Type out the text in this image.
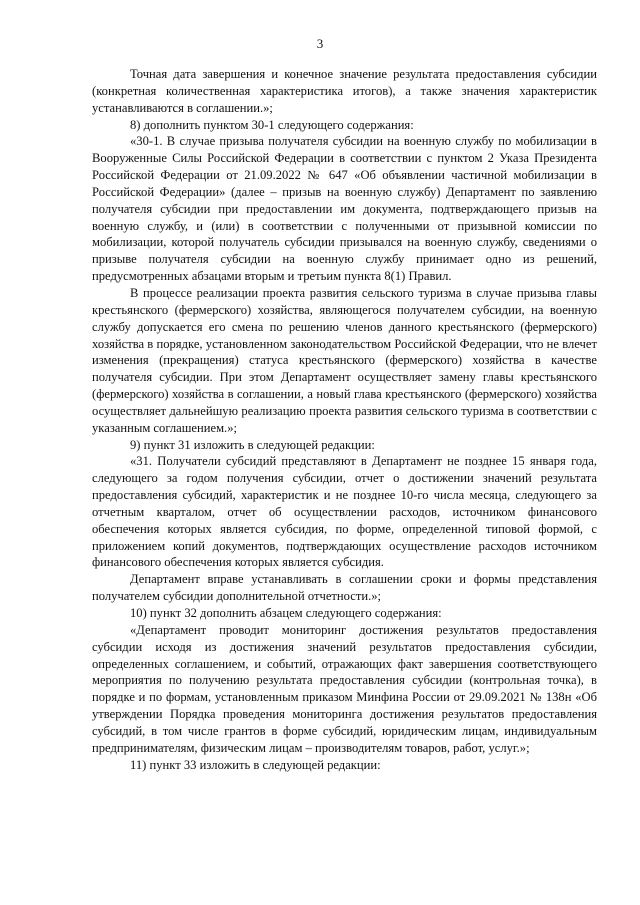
3

Точная дата завершения и конечное значение результата предоставления субсидии (конкретная количественная характеристика итогов), а также значения характеристик устанавливаются в соглашении.»;

8) дополнить пунктом 30-1 следующего содержания:

«30-1. В случае призыва получателя субсидии на военную службу по мобилизации в Вооруженные Силы Российской Федерации в соответствии с пунктом 2 Указа Президента Российской Федерации от 21.09.2022 № 647 «Об объявлении частичной мобилизации в Российской Федерации» (далее – призыв на военную службу) Департамент по заявлению получателя субсидии при предоставлении им документа, подтверждающего призыв на военную службу, и (или) в соответствии с полученными от призывной комиссии по мобилизации, которой получатель субсидии призывался на военную службу, сведениями о призыве получателя субсидии на военную службу принимает одно из решений, предусмотренных абзацами вторым и третьим пункта 8(1) Правил.

В процессе реализации проекта развития сельского туризма в случае призыва главы крестьянского (фермерского) хозяйства, являющегося получателем субсидии, на военную службу допускается его смена по решению членов данного крестьянского (фермерского) хозяйства в порядке, установленном законодательством Российской Федерации, что не влечет изменения (прекращения) статуса крестьянского (фермерского) хозяйства в качестве получателя субсидии. При этом Департамент осуществляет замену главы крестьянского (фермерского) хозяйства в соглашении, а новый глава крестьянского (фермерского) хозяйства осуществляет дальнейшую реализацию проекта развития сельского туризма в соответствии с указанным соглашением.»;

9) пункт 31 изложить в следующей редакции:

«31. Получатели субсидий представляют в Департамент не позднее 15 января года, следующего за годом получения субсидии, отчет о достижении значений результата предоставления субсидий, характеристик и не позднее 10-го числа месяца, следующего за отчетным кварталом, отчет об осуществлении расходов, источником финансового обеспечения которых является субсидия, по форме, определенной типовой формой, с приложением копий документов, подтверждающих осуществление расходов источником финансового обеспечения которых является субсидия.

Департамент вправе устанавливать в соглашении сроки и формы представления получателем субсидии дополнительной отчетности.»;

10) пункт 32 дополнить абзацем следующего содержания:

«Департамент проводит мониторинг достижения результатов предоставления субсидии исходя из достижения значений результатов предоставления субсидии, определенных соглашением, и событий, отражающих факт завершения соответствующего мероприятия по получению результата предоставления субсидии (контрольная точка), в порядке и по формам, установленным приказом Минфина России от 29.09.2021 № 138н «Об утверждении Порядка проведения мониторинга достижения результатов предоставления субсидий, в том числе грантов в форме субсидий, юридическим лицам, индивидуальным предпринимателям, физическим лицам – производителям товаров, работ, услуг.»;

11) пункт 33 изложить в следующей редакции:
